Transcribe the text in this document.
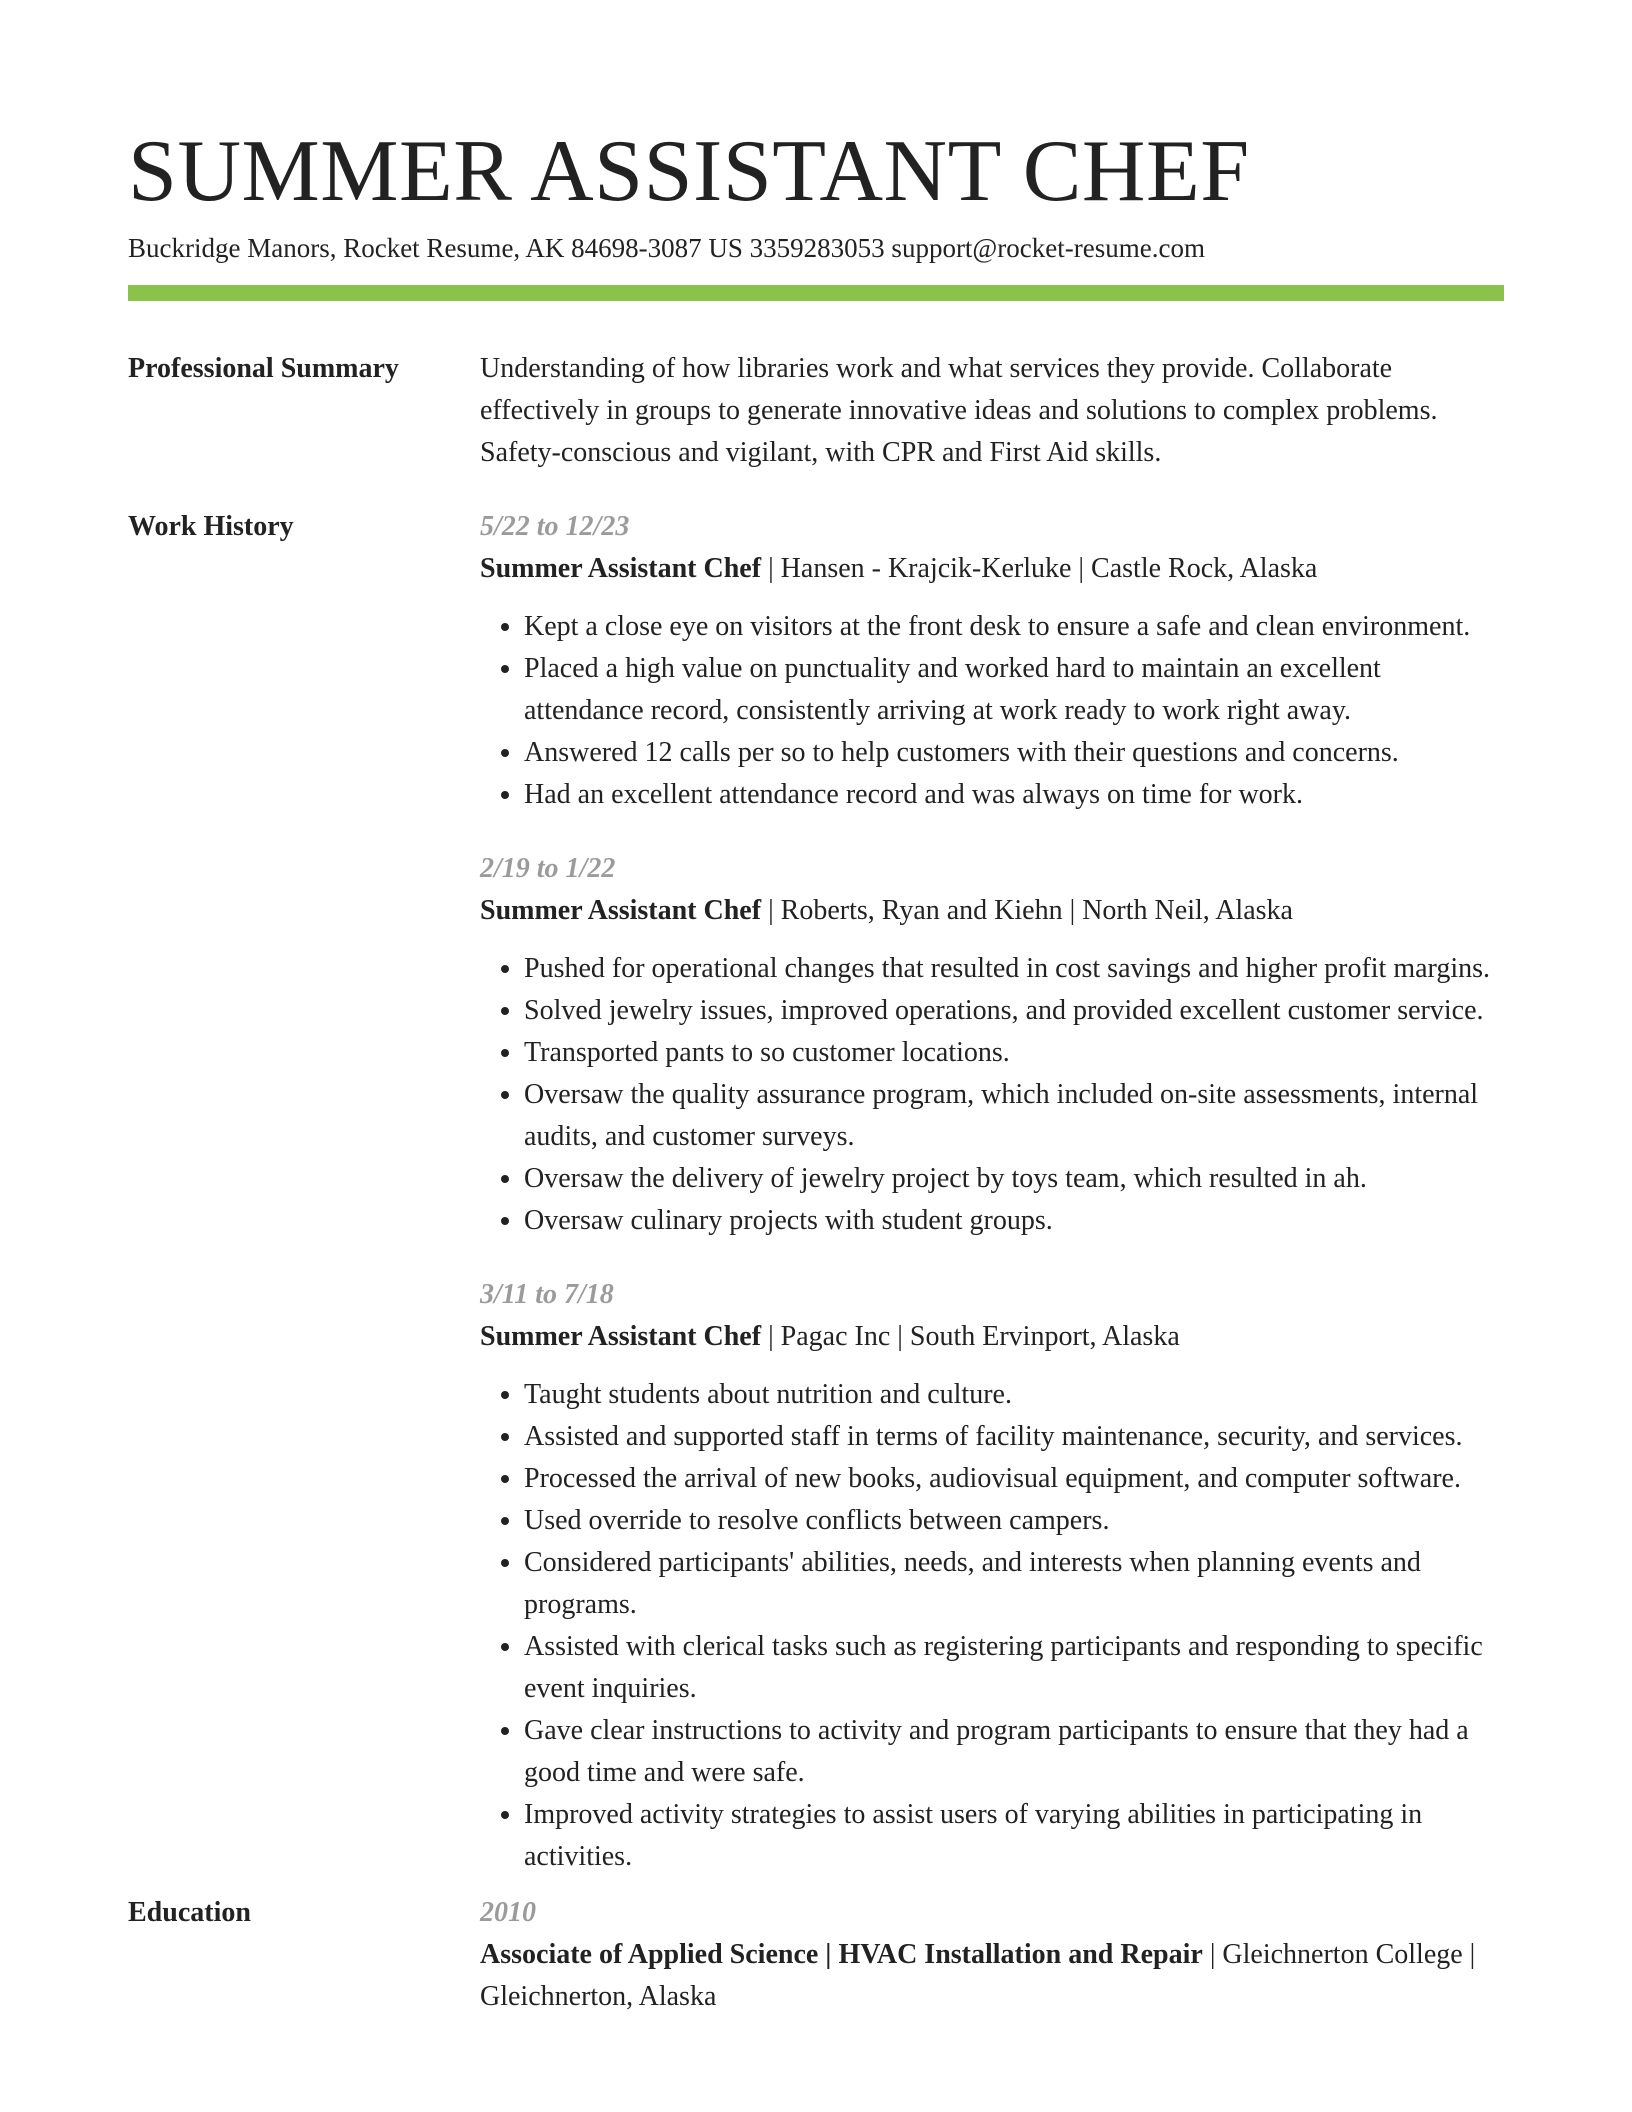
SUMMER ASSISTANT CHEF
Buckridge Manors, Rocket Resume, AK 84698-3087 US 3359283053 support@rocket-resume.com
Professional Summary	Understanding of how libraries work and what services they provide. Collaborate effectively in groups to generate innovative ideas and solutions to complex problems. Safety-conscious and vigilant, with CPR and First Aid skills.

Work History	5/22 to 12/23
Summer Assistant Chef | Hansen - Krajcik-Kerluke | Castle Rock, Alaska
• Kept a close eye on visitors at the front desk to ensure a safe and clean environment.
• Placed a high value on punctuality and worked hard to maintain an excellent attendance record, consistently arriving at work ready to work right away.
• Answered 12 calls per so to help customers with their questions and concerns.
• Had an excellent attendance record and was always on time for work.
2/19 to 1/22
Summer Assistant Chef | Roberts, Ryan and Kiehn | North Neil, Alaska
• Pushed for operational changes that resulted in cost savings and higher profit margins.
• Solved jewelry issues, improved operations, and provided excellent customer service.
• Transported pants to so customer locations.
• Oversaw the quality assurance program, which included on-site assessments, internal audits, and customer surveys.
• Oversaw the delivery of jewelry project by toys team, which resulted in ah.
• Oversaw culinary projects with student groups.
3/11 to 7/18
Summer Assistant Chef | Pagac Inc | South Ervinport, Alaska
• Taught students about nutrition and culture.
• Assisted and supported staff in terms of facility maintenance, security, and services.
• Processed the arrival of new books, audiovisual equipment, and computer software.
• Used override to resolve conflicts between campers.
• Considered participants' abilities, needs, and interests when planning events and programs.
• Assisted with clerical tasks such as registering participants and responding to specific event inquiries.
• Gave clear instructions to activity and program participants to ensure that they had a good time and were safe.
• Improved activity strategies to assist users of varying abilities in participating in activities.
Education	2010
Associate of Applied Science | HVAC Installation and Repair | Gleichnerton College | Gleichnerton, Alaska
